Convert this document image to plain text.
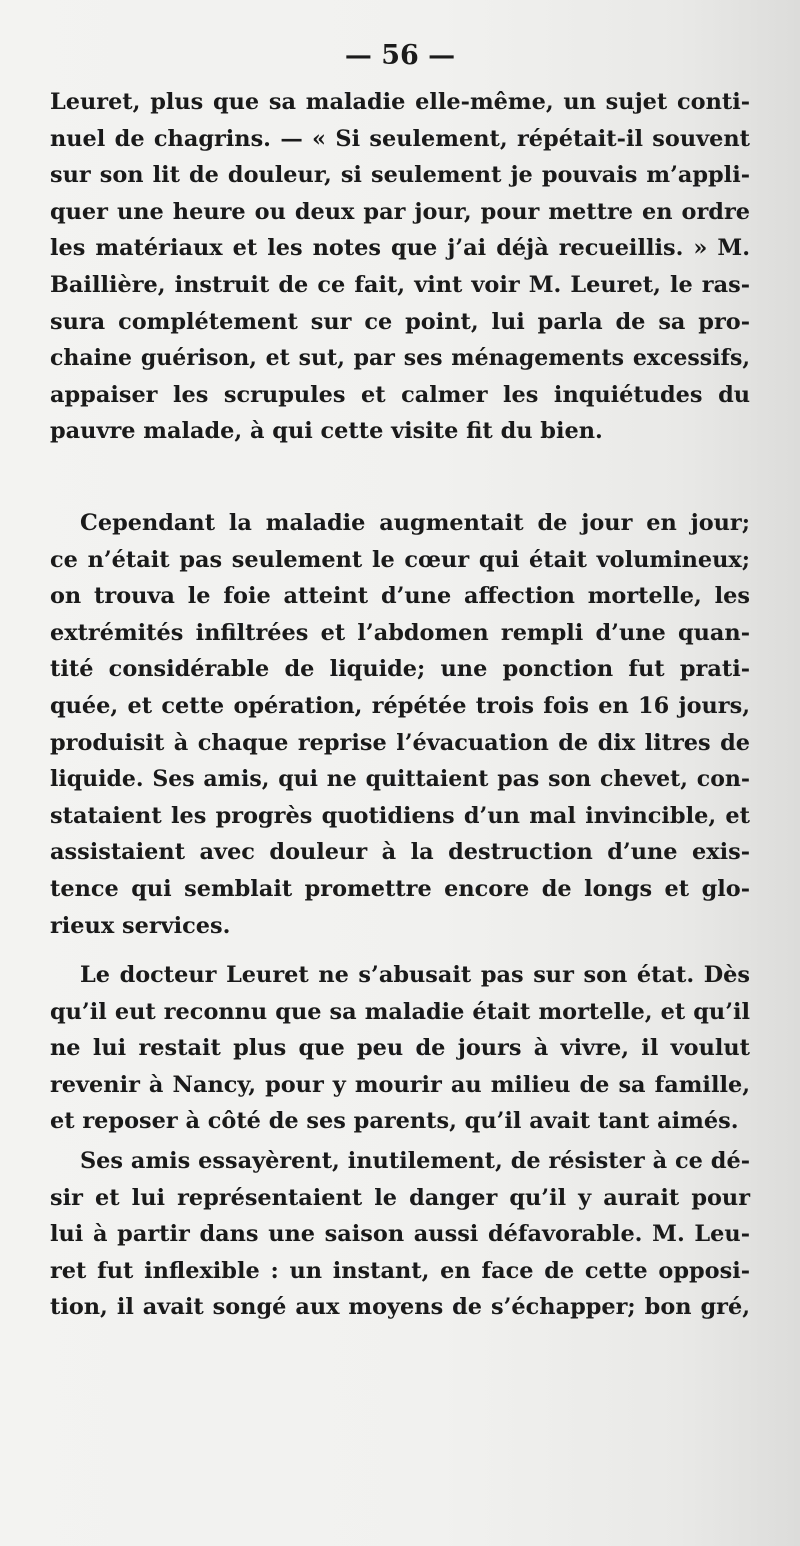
— 56 —
Leuret, plus que sa maladie elle-même, un sujet conti-
nuel de chagrins. — « Si seulement, répétait-il souvent
sur son lit de douleur, si seulement je pouvais m’appli-
quer une heure ou deux par jour, pour mettre en ordre
les matériaux et les notes que j’ai déjà recueillis. » M.
Baillière, instruit de ce fait, vint voir M. Leuret, le ras-
sura complétement sur ce point, lui parla de sa pro-
chaine guérison, et sut, par ses ménagements excessifs,
appaiser les scrupules et calmer les inquiétudes du
pauvre malade, à qui cette visite fit du bien.
Cependant la maladie augmentait de jour en jour;
ce n’était pas seulement le cœur qui était volumineux;
on trouva le foie atteint d’une affection mortelle, les
extrémités infiltrées et l’abdomen rempli d’une quan-
tité considérable de liquide; une ponction fut prati-
quée, et cette opération, répétée trois fois en 16 jours,
produisit à chaque reprise l’évacuation de dix litres de
liquide. Ses amis, qui ne quittaient pas son chevet, con-
stataient les progrès quotidiens d’un mal invincible, et
assistaient avec douleur à la destruction d’une exis-
tence qui semblait promettre encore de longs et glo-
rieux services.
Le docteur Leuret ne s’abusait pas sur son état. Dès
qu’il eut reconnu que sa maladie était mortelle, et qu’il
ne lui restait plus que peu de jours à vivre, il voulut
revenir à Nancy, pour y mourir au milieu de sa famille,
et reposer à côté de ses parents, qu’il avait tant aimés.
Ses amis essayèrent, inutilement, de résister à ce dé-
sir et lui représentaient le danger qu’il y aurait pour
lui à partir dans une saison aussi défavorable. M. Leu-
ret fut inflexible : un instant, en face de cette opposi-
tion, il avait songé aux moyens de s’échapper; bon gré,
